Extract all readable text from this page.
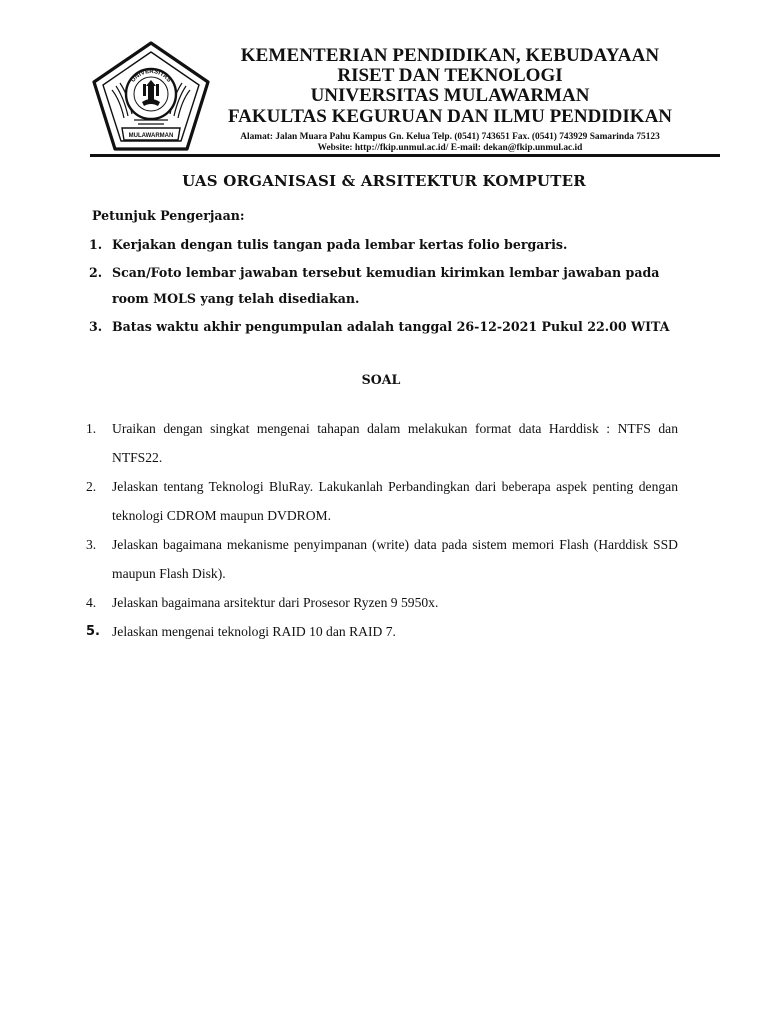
UNIVERSITAS
MULAWARMAN
KEMENTERIAN PENDIDIKAN, KEBUDAYAAN
RISET DAN TEKNOLOGI
UNIVERSITAS MULAWARMAN
FAKULTAS KEGURUAN DAN ILMU PENDIDIKAN
Alamat: Jalan Muara Pahu Kampus Gn. Kelua Telp. (0541) 743651 Fax. (0541) 743929 Samarinda 75123
Website: http://fkip.unmul.ac.id/ E-mail: dekan@fkip.unmul.ac.id
UAS ORGANISASI & ARSITEKTUR KOMPUTER
Petunjuk Pengerjaan:
1. Kerjakan dengan tulis tangan pada lembar kertas folio bergaris.
2. Scan/Foto lembar jawaban tersebut kemudian kirimkan lembar jawaban pada room MOLS yang telah disediakan.
3. Batas waktu akhir pengumpulan adalah tanggal 26-12-2021 Pukul 22.00 WITA
SOAL
1. Uraikan dengan singkat mengenai tahapan dalam melakukan format data Harddisk : NTFS dan NTFS22.
2. Jelaskan tentang Teknologi BluRay. Lakukanlah Perbandingkan dari beberapa aspek penting dengan teknologi CDROM maupun DVDROM.
3. Jelaskan bagaimana mekanisme penyimpanan (write) data pada sistem memori Flash (Harddisk SSD maupun Flash Disk).
4. Jelaskan bagaimana arsitektur dari Prosesor Ryzen 9 5950x.
5. Jelaskan mengenai teknologi RAID 10 dan RAID 7.
